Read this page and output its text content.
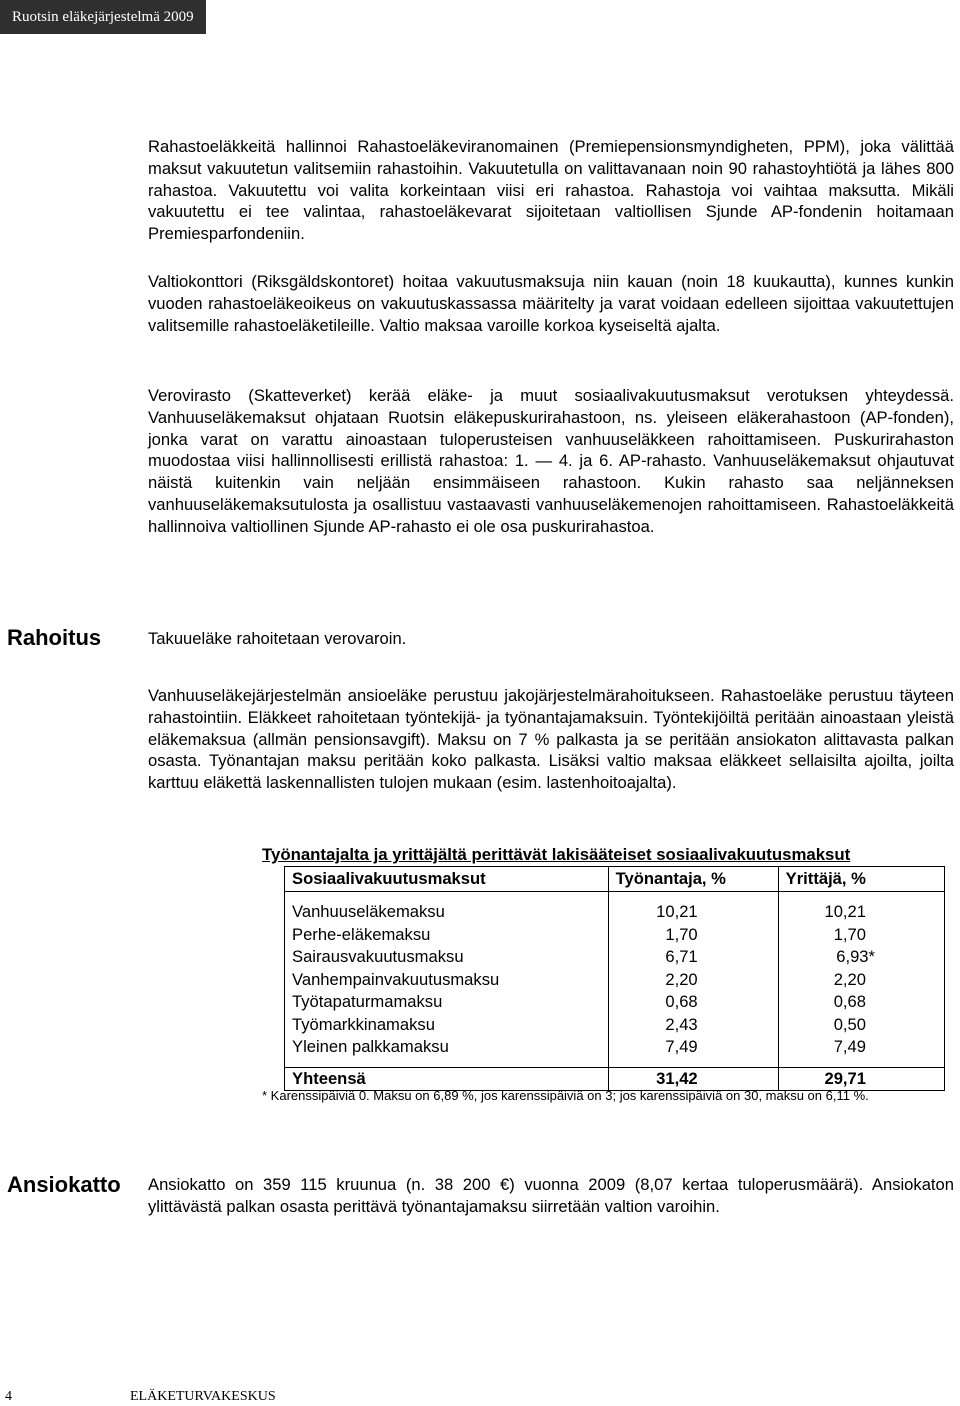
Ruotsin eläkejärjestelmä 2009

Rahastoeläkkeitä hallinnoi Rahastoeläkeviranomainen (Premiepensionsmyndigheten, PPM), joka välittää maksut vakuutetun valitsemiin rahastoihin. Vakuutetulla on valittavanaan noin 90 rahastoyhtiötä ja lähes 800 rahastoa. Vakuutettu voi valita korkeintaan viisi eri rahastoa. Rahastoja voi vaihtaa maksutta. Mikäli vakuutettu ei tee valintaa, rahastoeläkevarat sijoitetaan valtiollisen Sjunde AP-fondenin hoitamaan Premiesparfondeniin.

Valtiokonttori (Riksgäldskontoret) hoitaa vakuutusmaksuja niin kauan (noin 18 kuukautta), kunnes kunkin vuoden rahastoeläkeoikeus on vakuutuskassassa määritelty ja varat voidaan edelleen sijoittaa vakuutettujen valitsemille rahastoeläketileille. Valtio maksaa varoille korkoa kyseiseltä ajalta.

Verovirasto (Skatteverket) kerää eläke- ja muut sosiaalivakuutusmaksut verotuksen yhteydessä. Vanhuuseläkemaksut ohjataan Ruotsin eläkepuskurirahastoon, ns. yleiseen eläkerahastoon (AP-fonden), jonka varat on varattu ainoastaan tuloperusteisen vanhuuseläkkeen rahoittamiseen. Puskurirahaston muodostaa viisi hallinnollisesti erillistä rahastoa: 1. — 4. ja 6. AP-rahasto. Vanhuuseläkemaksut ohjautuvat näistä kuitenkin vain neljään ensimmäiseen rahastoon. Kukin rahasto saa neljänneksen vanhuuseläkemaksutulosta ja osallistuu vastaavasti vanhuuseläkemenojen rahoittamiseen. Rahastoeläkkeitä hallinnoiva valtiollinen Sjunde AP-rahasto ei ole osa puskurirahastoa.

Rahoitus	Takuueläke rahoitetaan verovaroin.

Vanhuuseläkejärjestelmän ansioeläke perustuu jakojärjestelmärahoitukseen. Rahastoeläke perustuu täyteen rahastointiin. Eläkkeet rahoitetaan työntekijä- ja työnantajamaksuin. Työntekijöiltä peritään ainoastaan yleistä eläkemaksua (allmän pensionsavgift). Maksu on 7 % palkasta ja se peritään ansiokaton alittavasta palkan osasta. Työnantajan maksu peritään koko palkasta. Lisäksi valtio maksaa eläkkeet sellaisilta ajoilta, joilta karttuu eläkettä laskennallisten tulojen mukaan (esim. lastenhoitoajalta).

Työnantajalta ja yrittäjältä perittävät lakisääteiset sosiaalivakuutusmaksut
Sosiaalivakuutusmaksut	Työnantaja, %	Yrittäjä, %

Vanhuuseläkemaksu	10,21	10,21
Perhe-eläkemaksu	1,70	1,70
Sairausvakuutusmaksu	6,71	6,93*
Vanhempainvakuutusmaksu	2,20	2,20
Työtapaturmamaksu	0,68	0,68
Työmarkkinamaksu	2,43	0,50
Yleinen palkkamaksu	7,49	7,49

Yhteensä	31,42	29,71
* Karenssipäiviä 0. Maksu on 6,89 %, jos karenssipäiviä on 3; jos karenssipäiviä on 30, maksu on 6,11 %.
Ansiokatto Ansiokatto on 359 115 kruunua (n. 38 200 €) vuonna 2009 (8,07 kertaa tuloperusmäärä). Ansiokaton ylittävästä palkan osasta perittävä työnantajamaksu siirretään valtion varoihin.

4	ELÄKETURVAKESKUS
